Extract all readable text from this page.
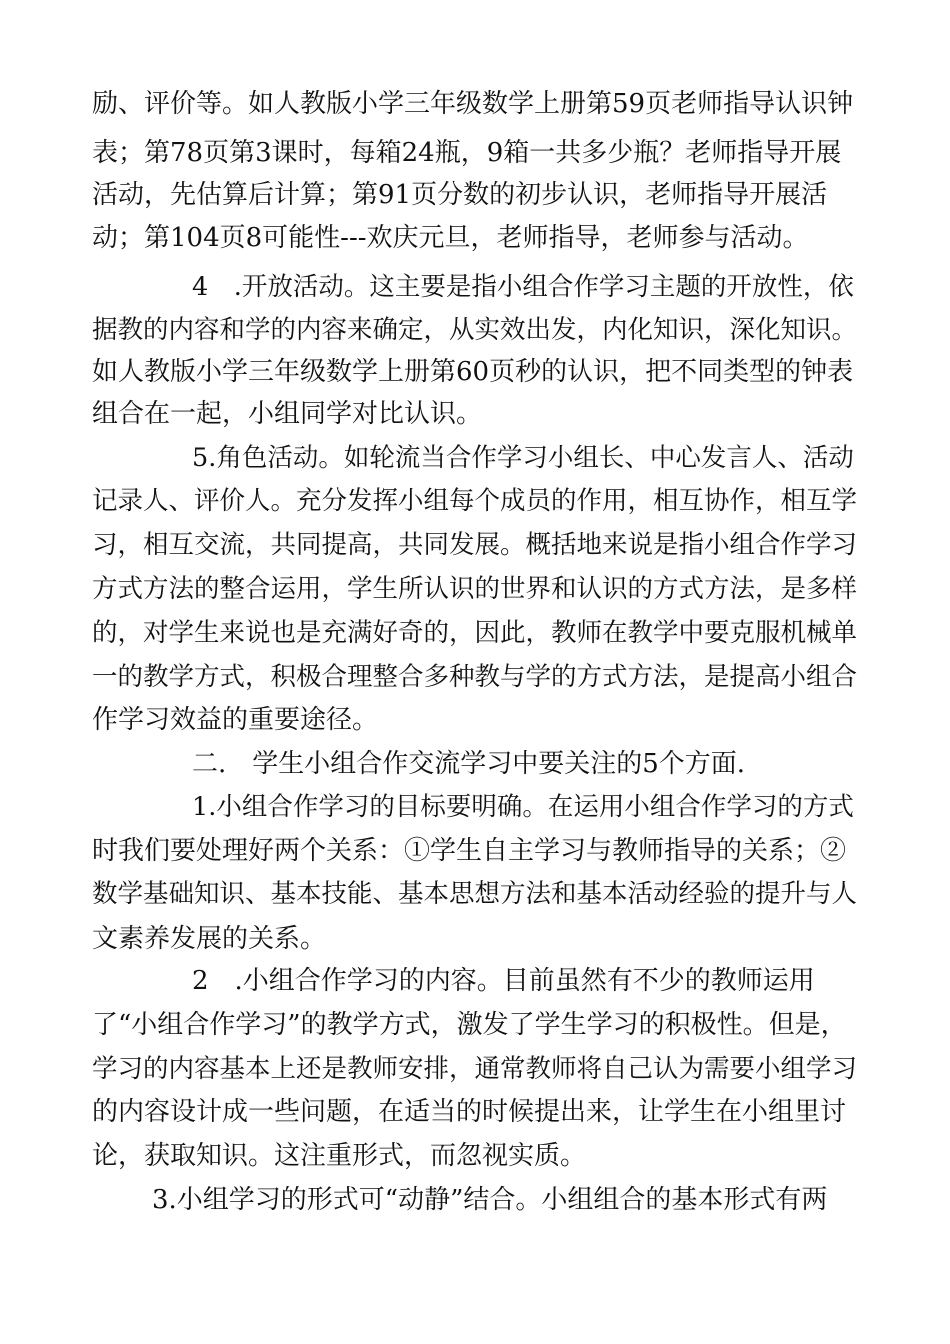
励、评价等。如人教版小学三年级数学上册第59页老师指导认识钟
表；第78页第3课时，每箱24瓶，9箱一共多少瓶？老师指导开展
活动，先估算后计算；第91页分数的初步认识，老师指导开展活
动；第104页8可能性---欢庆元旦，老师指导，老师参与活动。
4　.开放活动。这主要是指小组合作学习主题的开放性，依
据教的内容和学的内容来确定，从实效出发，内化知识，深化知识。
如人教版小学三年级数学上册第60页秒的认识，把不同类型的钟表
组合在一起，小组同学对比认识。
5.角色活动。如轮流当合作学习小组长、中心发言人、活动
记录人、评价人。充分发挥小组每个成员的作用，相互协作，相互学
习，相互交流，共同提高，共同发展。概括地来说是指小组合作学习
方式方法的整合运用，学生所认识的世界和认识的方式方法，是多样
的，对学生来说也是充满好奇的，因此，教师在教学中要克服机械单
一的教学方式，积极合理整合多种教与学的方式方法，是提高小组合
作学习效益的重要途径。
二.　学生小组合作交流学习中要关注的5个方面.
1.小组合作学习的目标要明确。在运用小组合作学习的方式
时我们要处理好两个关系：①学生自主学习与教师指导的关系；②
数学基础知识、基本技能、基本思想方法和基本活动经验的提升与人
文素养发展的关系。
2　.小组合作学习的内容。目前虽然有不少的教师运用
了“小组合作学习”的教学方式，激发了学生学习的积极性。但是，
学习的内容基本上还是教师安排，通常教师将自己认为需要小组学习
的内容设计成一些问题，在适当的时候提出来，让学生在小组里讨
论，获取知识。这注重形式，而忽视实质。
3.小组学习的形式可“动静”结合。小组组合的基本形式有两
